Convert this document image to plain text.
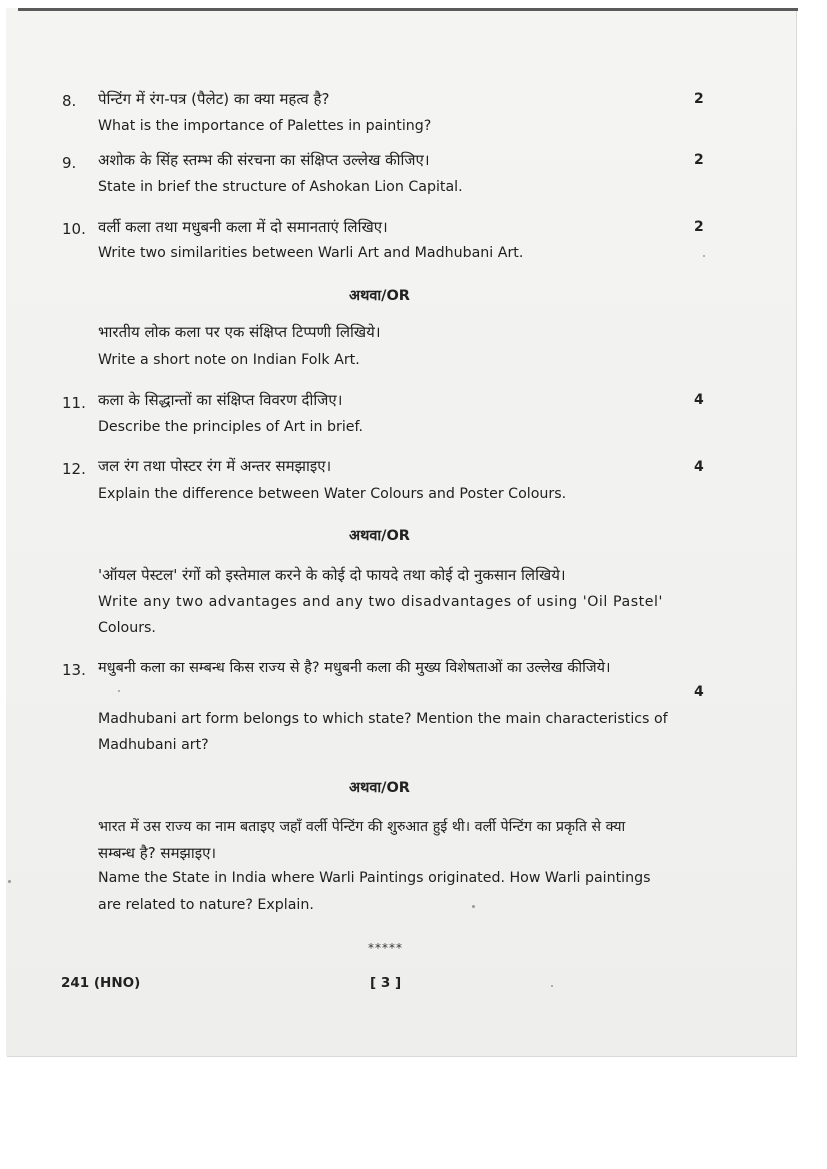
8. पेन्टिंग में रंग-पत्र (पैलेट) का क्या महत्व है?
What is the importance of Palettes in painting?
2
9. अशोक के सिंह स्तम्भ की संरचना का संक्षिप्त उल्लेख कीजिए।
State in brief the structure of Ashokan Lion Capital.
2
10. वर्ली कला तथा मधुबनी कला में दो समानताएं लिखिए।
Write two similarities between Warli Art and Madhubani Art.
2
अथवा/OR
भारतीय लोक कला पर एक संक्षिप्त टिप्पणी लिखिये।
Write a short note on Indian Folk Art.
11. कला के सिद्धान्तों का संक्षिप्त विवरण दीजिए।
Describe the principles of Art in brief.
4
12. जल रंग तथा पोस्टर रंग में अन्तर समझाइए।
Explain the difference between Water Colours and Poster Colours.
4
अथवा/OR
'ऑयल पेस्टल' रंगों को इस्तेमाल करने के कोई दो फायदे तथा कोई दो नुकसान लिखिये।
Write any two advantages and any two disadvantages of using 'Oil Pastel'
Colours.
13. मधुबनी कला का सम्बन्ध किस राज्य से है? मधुबनी कला की मुख्य विशेषताओं का उल्लेख कीजिये।
4
Madhubani art form belongs to which state? Mention the main characteristics of
Madhubani art?
अथवा/OR
भारत में उस राज्य का नाम बताइए जहाँ वर्ली पेन्टिंग की शुरुआत हुई थी। वर्ली पेन्टिंग का प्रकृति से क्या
सम्बन्ध है? समझाइए।
Name the State in India where Warli Paintings originated. How Warli paintings
are related to nature? Explain.
*****
241 (HNO)	[ 3 ]
